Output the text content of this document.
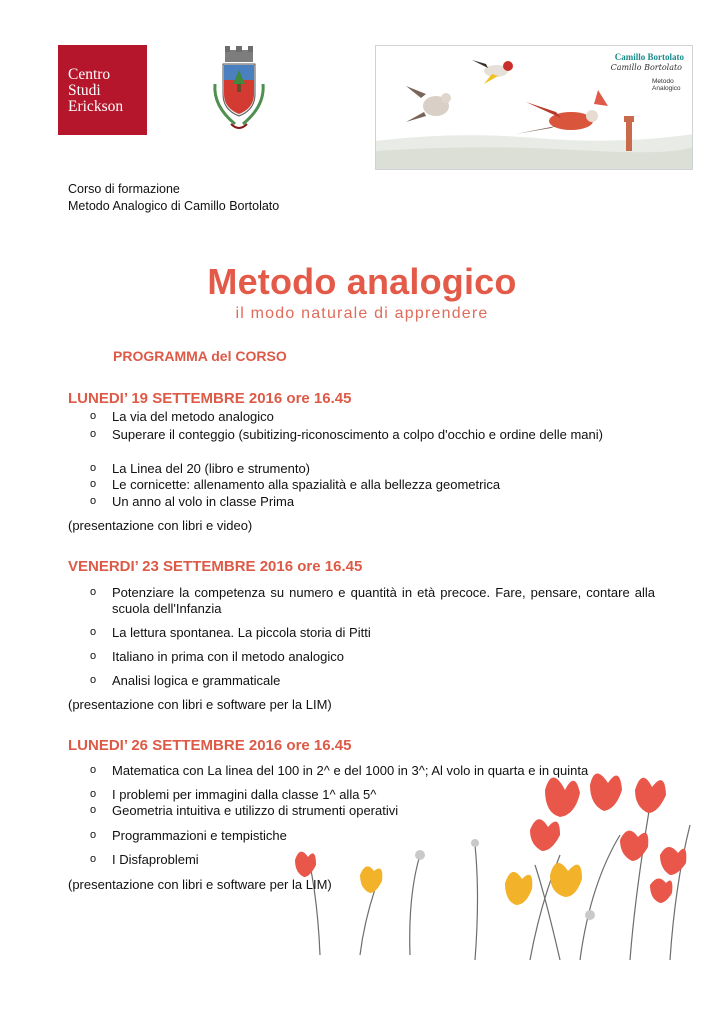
Centro
Studi
Erickson
Camillo Bortolato
Camillo Bortolato
Metodo
Analogico
Corso di formazione
Metodo Analogico di Camillo Bortolato
Metodo analogico
il modo naturale di apprendere
PROGRAMMA del CORSO
LUNEDI’ 19 SETTEMBRE 2016 ore 16.45
o La via del metodo analogico
o Superare il conteggio (subitizing-riconoscimento a colpo d'occhio e ordine delle mani)
o La Linea del 20 (libro e strumento)
o Le cornicette: allenamento alla spazialità e alla bellezza geometrica
o Un anno al volo in classe Prima
(presentazione con libri e video)
VENERDI’ 23 SETTEMBRE 2016 ore 16.45
o Potenziare la competenza su numero e quantità in età precoce. Fare, pensare, contare alla scuola dell'Infanzia
o La lettura spontanea. La piccola storia di Pitti
o Italiano in prima con il metodo analogico
o Analisi logica e grammaticale
(presentazione con libri e software per la LIM)
LUNEDI’ 26 SETTEMBRE 2016 ore 16.45
o Matematica con La linea del 100 in 2^ e del 1000 in 3^; Al volo in quarta e in quinta
o I problemi per immagini dalla classe 1^ alla 5^
o Geometria intuitiva e utilizzo di strumenti operativi
o Programmazioni e tempistiche
o I Disfaproblemi
(presentazione con libri e software per la LIM)
